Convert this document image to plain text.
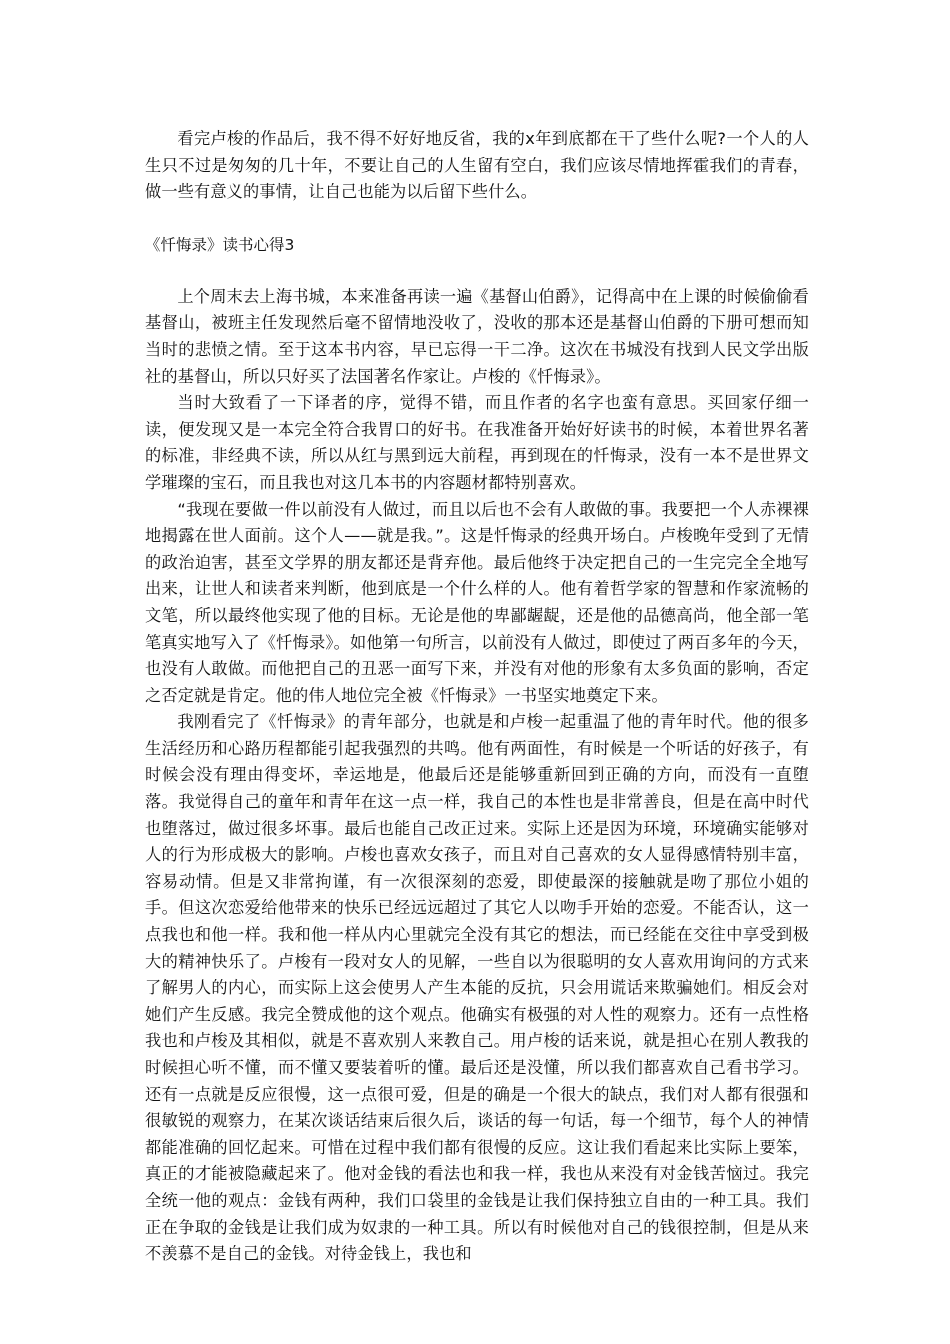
看完卢梭的作品后，我不得不好好地反省，我的x年到底都在干了些什么呢?一个人的人生只不过是匆匆的几十年，不要让自己的人生留有空白，我们应该尽情地挥霍我们的青春，做一些有意义的事情，让自己也能为以后留下些什么。

《忏悔录》读书心得3

上个周末去上海书城，本来准备再读一遍《基督山伯爵》，记得高中在上课的时候偷偷看基督山，被班主任发现然后毫不留情地没收了，没收的那本还是基督山伯爵的下册可想而知当时的悲愤之情。至于这本书内容，早已忘得一干二净。这次在书城没有找到人民文学出版社的基督山，所以只好买了法国著名作家让。卢梭的《忏悔录》。

当时大致看了一下译者的序，觉得不错，而且作者的名字也蛮有意思。买回家仔细一读，便发现又是一本完全符合我胃口的好书。在我准备开始好好读书的时候，本着世界名著的标准，非经典不读，所以从红与黑到远大前程，再到现在的忏悔录，没有一本不是世界文学璀璨的宝石，而且我也对这几本书的内容题材都特别喜欢。

“我现在要做一件以前没有人做过，而且以后也不会有人敢做的事。我要把一个人赤裸裸地揭露在世人面前。这个人——就是我。”。这是忏悔录的经典开场白。卢梭晚年受到了无情的政治迫害，甚至文学界的朋友都还是背弃他。最后他终于决定把自己的一生完完全全地写出来，让世人和读者来判断，他到底是一个什么样的人。他有着哲学家的智慧和作家流畅的文笔，所以最终他实现了他的目标。无论是他的卑鄙龌龊，还是他的品德高尚，他全部一笔笔真实地写入了《忏悔录》。如他第一句所言，以前没有人做过，即使过了两百多年的今天，也没有人敢做。而他把自己的丑恶一面写下来，并没有对他的形象有太多负面的影响，否定之否定就是肯定。他的伟人地位完全被《忏悔录》一书坚实地奠定下来。

我刚看完了《忏悔录》的青年部分，也就是和卢梭一起重温了他的青年时代。他的很多生活经历和心路历程都能引起我强烈的共鸣。他有两面性，有时候是一个听话的好孩子，有时候会没有理由得变坏，幸运地是，他最后还是能够重新回到正确的方向，而没有一直堕落。我觉得自己的童年和青年在这一点一样，我自己的本性也是非常善良，但是在高中时代也堕落过，做过很多坏事。最后也能自己改正过来。实际上还是因为环境，环境确实能够对人的行为形成极大的影响。卢梭也喜欢女孩子，而且对自己喜欢的女人显得感情特别丰富，容易动情。但是又非常拘谨，有一次很深刻的恋爱，即使最深的接触就是吻了那位小姐的手。但这次恋爱给他带来的快乐已经远远超过了其它人以吻手开始的恋爱。不能否认，这一点我也和他一样。我和他一样从内心里就完全没有其它的想法，而已经能在交往中享受到极大的精神快乐了。卢梭有一段对女人的见解，一些自以为很聪明的女人喜欢用询问的方式来了解男人的内心，而实际上这会使男人产生本能的反抗，只会用谎话来欺骗她们。相反会对她们产生反感。我完全赞成他的这个观点。他确实有极强的对人性的观察力。还有一点性格我也和卢梭及其相似，就是不喜欢别人来教自己。用卢梭的话来说，就是担心在别人教我的时候担心听不懂，而不懂又要装着听的懂。最后还是没懂，所以我们都喜欢自己看书学习。还有一点就是反应很慢，这一点很可爱，但是的确是一个很大的缺点，我们对人都有很强和很敏锐的观察力，在某次谈话结束后很久后，谈话的每一句话，每一个细节，每个人的神情都能准确的回忆起来。可惜在过程中我们都有很慢的反应。这让我们看起来比实际上要笨，真正的才能被隐藏起来了。他对金钱的看法也和我一样，我也从来没有对金钱苦恼过。我完全统一他的观点：金钱有两种，我们口袋里的金钱是让我们保持独立自由的一种工具。我们正在争取的金钱是让我们成为奴隶的一种工具。所以有时候他对自己的钱很控制，但是从来不羡慕不是自己的金钱。对待金钱上，我也和
